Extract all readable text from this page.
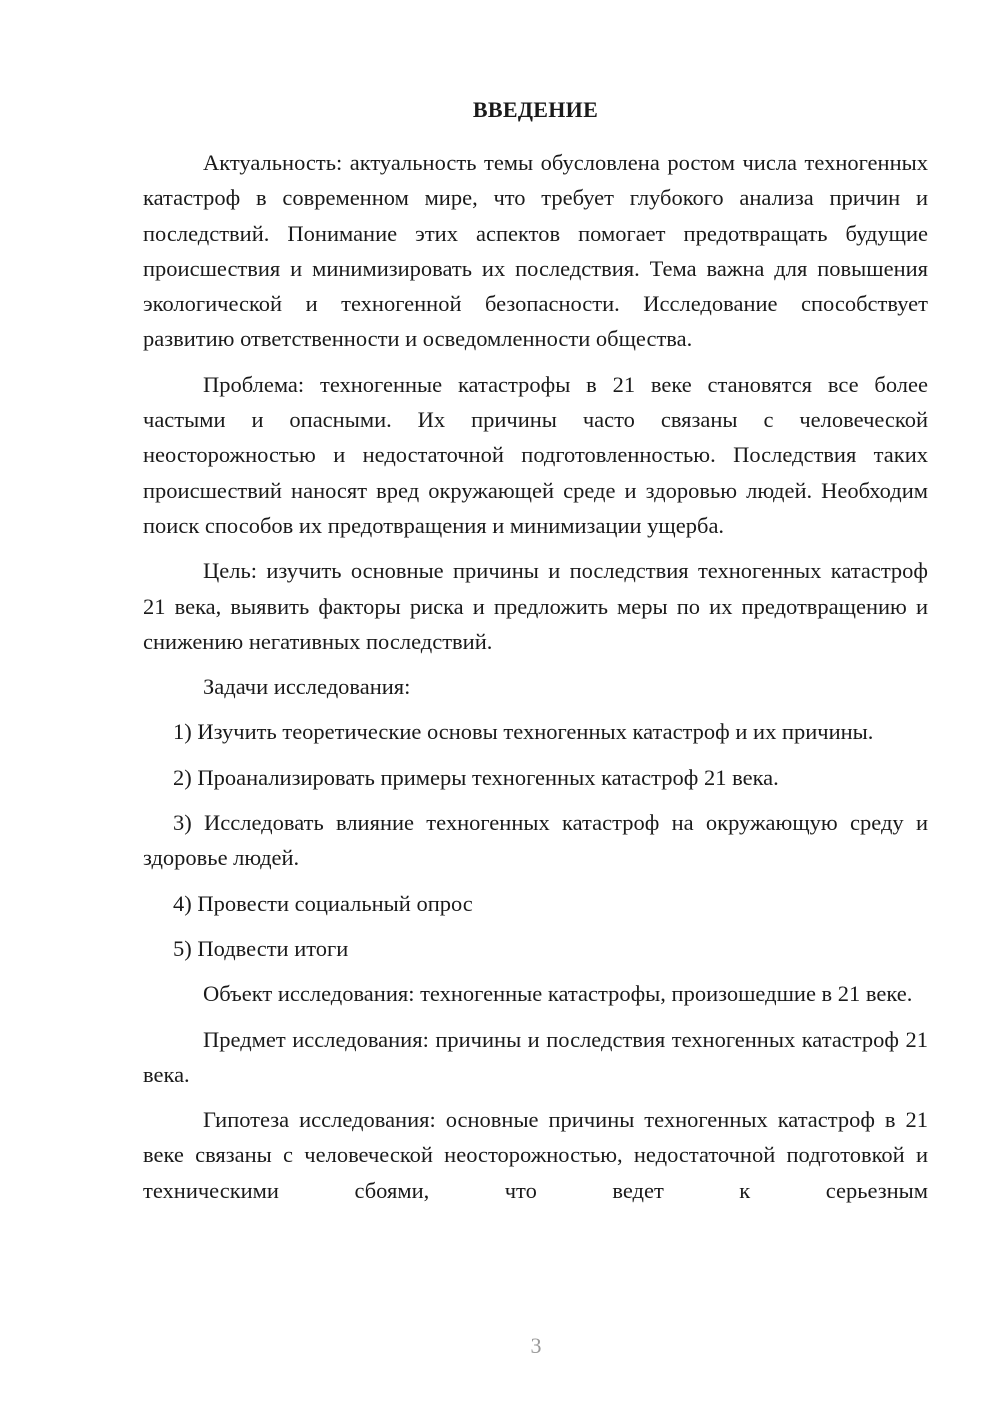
ВВЕДЕНИЕ

Актуальность: актуальность темы обусловлена ростом числа техногенных катастроф в современном мире, что требует глубокого анализа причин и последствий. Понимание этих аспектов помогает предотвращать будущие происшествия и минимизировать их последствия. Тема важна для повышения экологической и техногенной безопасности. Исследование способствует развитию ответственности и осведомленности общества.

Проблема: техногенные катастрофы в 21 веке становятся все более частыми и опасными. Их причины часто связаны с человеческой неосторожностью и недостаточной подготовленностью. Последствия таких происшествий наносят вред окружающей среде и здоровью людей. Необходим поиск способов их предотвращения и минимизации ущерба.

Цель: изучить основные причины и последствия техногенных катастроф 21 века, выявить факторы риска и предложить меры по их предотвращению и снижению негативных последствий.

Задачи исследования:

1) Изучить теоретические основы техногенных катастроф и их причины.

2) Проанализировать примеры техногенных катастроф 21 века.

3) Исследовать влияние техногенных катастроф на окружающую среду и здоровье людей.

4) Провести социальный опрос

5) Подвести итоги

Объект исследования: техногенные катастрофы, произошедшие в 21 веке.

Предмет исследования: причины и последствия техногенных катастроф 21 века.

Гипотеза исследования: основные причины техногенных катастроф в 21 веке связаны с человеческой неосторожностью, недостаточной подготовкой и техническими сбоями, что ведет к серьезным

3
